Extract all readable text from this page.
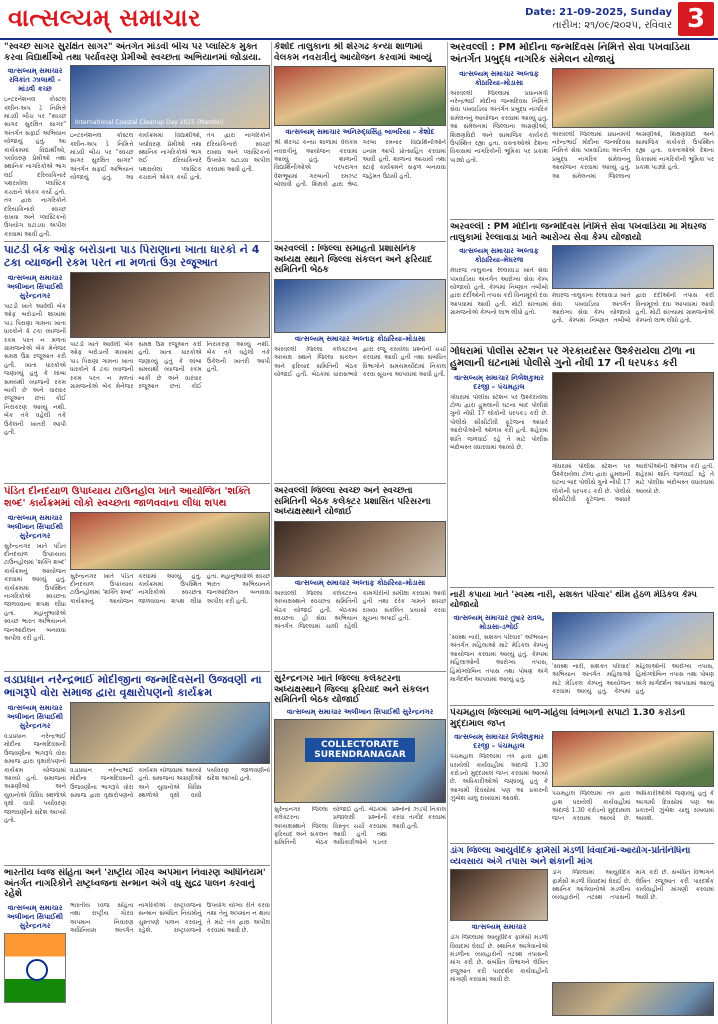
વાત્સલ્યમ્ સમાચાર	Date: 21-09-2025, Sunday
તારીખ: ૨૧/૦૯/૨૦૨૫, રવિવાર 3
"સ્વચ્છ સાગર સુરક્ષિત સાગર" અંતર્ગત માંડવી બીચ પર પ્લાસ્ટિક મુક્ત કરવા વિદ્યાર્થીઓ તથા પર્યાવરણ પ્રેમીઓ સ્વચ્છતા અભિયાનમાં જોડાયા.
વાત્સલ્યમ્ સમાચાર રવિકાંત ઝાલાથી – માંડવી કચ્છ
ઇન્ટરનેશનલ કોસ્ટલ ક્લીન-અપ ડે નિમિત્તે માંડવી બીચ પર "સ્વચ્છ સાગર સુરક્ષિત સાગર" અંતર્ગત સફાઈ અભિયાન યોજાયું હતું. આ કાર્યક્રમમાં વિદ્યાર્થીઓ, પર્યાવરણ પ્રેમીઓ તથા સ્થાનિક નાગરિકોએ ભાગ લઈ દરિયાકિનારે પથરાયેલા પ્લાસ્ટિક કચરાને એકત્ર કર્યો હતો. તંત્ર દ્વારા નાગરિકોને દરિયાકિનારો સ્વચ્છ રાખવા અને પ્લાસ્ટિકનો ઉપયોગ ઘટાડવા અપીલ કરવામાં આવી હતી.
International Coastal Cleanup Day 2025 (Mandvi)
ઇન્ટરનેશનલ કોસ્ટલ ક્લીન-અપ ડે નિમિત્તે માંડવી બીચ પર "સ્વચ્છ સાગર સુરક્ષિત સાગર" અંતર્ગત સફાઈ અભિયાન યોજાયું હતું. આ કાર્યક્રમમાં વિદ્યાર્થીઓ, પર્યાવરણ પ્રેમીઓ તથા સ્થાનિક નાગરિકોએ ભાગ લઈ દરિયાકિનારે પથરાયેલા પ્લાસ્ટિક કચરાને એકત્ર કર્યો હતો. તંત્ર દ્વારા નાગરિકોને દરિયાકિનારો સ્વચ્છ રાખવા અને પ્લાસ્ટિકનો ઉપયોગ ઘટાડવા અપીલ કરવામાં આવી હતી.
પાટડી બેંક ઓફ બરોડાના પાડ પિરાણાના ખાતા ધારકો ને 4 ટકા વ્યાજની રકમ પરત ના મળતાં ઉગ્ર રજૂઆત
વાત્સલ્યમ્ સમાચાર અલીખાન સિપાઈથી સુરેન્દ્રનગર
પાટડી ખાતે આવેલી બેંક ઓફ બરોડાની શાખામાં પાડ પિરાણા ગામના ખાતા ધારકોને 4 ટકા વ્યાજની રકમ પરત ન મળતાં ગ્રામજનોએ બેંક મેનેજર સમક્ષ ઉગ્ર રજૂઆત કરી હતી. ખાતા ધારકોએ જણાવ્યું હતું કે લાંબા સમયથી વ્યાજની રકમ બાકી છે અને વારંવાર રજૂઆત છતાં કોઈ નિરાકરણ આવ્યું નથી. બેંક તંત્રે વહેલી તકે ઉકેલની ખાતરી આપી હતી.
પાટડી ખાતે આવેલી બેંક ઓફ બરોડાની શાખામાં પાડ પિરાણા ગામના ખાતા ધારકોને 4 ટકા વ્યાજની રકમ પરત ન મળતાં ગ્રામજનોએ બેંક મેનેજર સમક્ષ ઉગ્ર રજૂઆત કરી હતી. ખાતા ધારકોએ જણાવ્યું હતું કે લાંબા સમયથી વ્યાજની રકમ બાકી છે અને વારંવાર રજૂઆત છતાં કોઈ નિરાકરણ આવ્યું નથી. બેંક તંત્રે વહેલી તકે ઉકેલની ખાતરી આપી હતી.
પંડિત દીનદયાળ ઉપાધ્યાય ટાઉનહોલ ખાતે આયોજિત 'શક્તિ શબ્દ' કાર્યક્રમમાં લોકો સ્વચ્છતા જાળવવાના લીધા શપથ
વાત્સલ્યમ્ સમાચાર અલીખાન સિપાઈથી સુરેન્દ્રનગર
સુરેન્દ્રનગર ખાતે પંડિત દીનદયાળ ઉપાધ્યાય ટાઉનહોલમાં 'શક્તિ શબ્દ' કાર્યક્રમનું આયોજન કરવામાં આવ્યું હતું. કાર્યક્રમમાં ઉપસ્થિત નાગરિકોએ સ્વચ્છતા જાળવવાના શપથ લીધા હતા. મહાનુભાવોએ સ્વચ્છ ભારત અભિયાનને જનઆંદોલન બનાવવા અપીલ કરી હતી.
સુરેન્દ્રનગર ખાતે પંડિત દીનદયાળ ઉપાધ્યાય ટાઉનહોલમાં 'શક્તિ શબ્દ' કાર્યક્રમનું આયોજન કરવામાં આવ્યું હતું. કાર્યક્રમમાં ઉપસ્થિત નાગરિકોએ સ્વચ્છતા જાળવવાના શપથ લીધા હતા. મહાનુભાવોએ સ્વચ્છ ભારત અભિયાનને જનઆંદોલન બનાવવા અપીલ કરી હતી.
વડાપ્રધાન નરેન્દ્રભાઈ મોદીજીના જન્મદિવસની ઉજવણી ના ભાગરૂપે વોરા સમાજ દ્વારા વૃક્ષારોપણનો કાર્યક્રમ
વાત્સલ્યમ્ સમાચાર અલીખાન સિપાઈથી સુરેન્દ્રનગર
વડાપ્રધાન નરેન્દ્રભાઈ મોદીના જન્મદિવસની ઉજવણીના ભાગરૂપે વોરા સમાજ દ્વારા વૃક્ષારોપણનો કાર્યક્રમ યોજવામાં આવ્યો હતો. સમાજના અગ્રણીઓ અને યુવાનોએ વિવિધ સ્થળોએ વૃક્ષો વાવી પર્યાવરણ જાળવણીનો સંદેશ આપ્યો હતો.
વડાપ્રધાન નરેન્દ્રભાઈ મોદીના જન્મદિવસની ઉજવણીના ભાગરૂપે વોરા સમાજ દ્વારા વૃક્ષારોપણનો કાર્યક્રમ યોજવામાં આવ્યો હતો. સમાજના અગ્રણીઓ અને યુવાનોએ વિવિધ સ્થળોએ વૃક્ષો વાવી પર્યાવરણ જાળવણીનો સંદેશ આપ્યો હતો.
ભારતીય ધ્વજ સંહિતા અને 'રાષ્ટ્રીય ગૌરવ અપમાન નિવારણ અધિનિયમ' અંતર્ગત નાગરિકોને રાષ્ટ્રધ્વજના સન્માન અંગે વધુ સુદ્રઢ પાલન કરવાનું રહેશે
વાત્સલ્યમ્ સમાચાર અલીખાન સિપાઈથી સુરેન્દ્રનગર
ભારતીય ધ્વજ સંહિતા તથા રાષ્ટ્રીય ગૌરવ અપમાન નિવારણ અધિનિયમ અંતર્ગત નાગરિકોએ રાષ્ટ્રધ્વજના સન્માન સંબંધિત નિયમોનું ચુસ્તપણે પાલન કરવાનું રહેશે. રાષ્ટ્રધ્વજનો ઉપયોગ યોગ્ય રીતે કરવા તથા તેનું અપમાન ન થાય તે માટે તંત્ર દ્વારા અપીલ કરવામાં આવી છે.
કેશોદ તાલુકાના શ્રી શેરગઢ કન્યા શાળામાં વેલકમ નવરાત્રીનું આયોજન કરવામાં આવ્યું
વાત્સલ્યમ્ સમાચાર અનિરુદ્ધસિંહ બાબરિયા – કેશોદ
શ્રી શેરગઢ કન્યા શાળામાં વેલકમ નવરાત્રીનું આયોજન કરવામાં આવ્યું હતું. શાળાની વિદ્યાર્થિનીઓએ પરંપરાગત વેશભૂષામાં ગરબાની રમઝટ બોલાવી હતી. શિક્ષકો દ્વારા શ્રેષ્ઠ ગરબા રમનાર વિદ્યાર્થિનીઓને ઇનામ આપી પ્રોત્સાહિત કરવામાં આવી હતી. શાળાના આચાર્ય તથા સ્ટાફે કાર્યક્રમને સફળ બનાવવા જહેમત ઉઠાવી હતી.
અરવલ્લી : જિલ્લા સમાહર્તા પ્રશાસનિક અધ્યક્ષ સ્થાને જિલ્લા સંકલન અને ફરિયાદ સમિતિની બેઠક
વાત્સલ્યમ્ સમાચાર અલ્તાફ કોઠારિયા–મોડાસા
અરવલ્લી જિલ્લા કલેક્ટરના અધ્યક્ષ સ્થાને જિલ્લા સંકલન અને ફરિયાદ સમિતિની બેઠક યોજાઈ હતી. બેઠકમાં ધારાસભ્યો દ્વારા રજૂ કરાયેલા પ્રશ્નોની ચર્ચા કરવામાં આવી હતી તથા સંબંધિત વિભાગોને સમયમર્યાદામાં નિકાલ કરવા સૂચના આપવામાં આવી હતી.
અરવલ્લી જિલ્લા સ્વચ્છ અને સ્વચ્છતા સમિતિની બેઠક કલેક્ટર પ્રશાસિત પરિસરના અધ્યક્ષસ્થાને યોજાઈ
વાત્સલ્યમ્ સમાચાર અલ્તાફ કોઠારિયા–મોડાસા
અરવલ્લી જિલ્લા કલેક્ટરના અધ્યક્ષસ્થાને સ્વચ્છતા સમિતિની બેઠક યોજાઈ હતી. બેઠકમાં સ્વચ્છતા હી સેવા અભિયાન અંતર્ગત જિલ્લામાં ચાલી રહેલી કામગીરીની સમીક્ષા કરવામાં આવી હતી તથા દરેક ગામને સ્વચ્છ રાખવા સંકલિત પ્રયાસો કરવા સૂચના અપાઈ હતી.
સુરેન્દ્રનગર ખાતે જિલ્લા કલેક્ટરના અધ્યક્ષસ્થાને જિલ્લા ફરિયાદ અને સંકલન સમિતિની બેઠક યોજાઈ
વાત્સલ્યમ્ સમાચાર અલીખાન સિપાઈથી સુરેન્દ્રનગર
COLLECTORATE SURENDRANAGAR
સુરેન્દ્રનગર જિલ્લા કલેક્ટરના અધ્યક્ષસ્થાને જિલ્લા ફરિયાદ અને સંકલન સમિતિની બેઠક યોજાઈ હતી. બેઠકમાં પ્રજાલક્ષી પ્રશ્નોની વિસ્તૃત ચર્ચા કરવામાં આવી હતી તથા અધિકારીઓને પડતર પ્રશ્નોનો ઝડપી નિકાલ કરવા તાકીદ કરવામાં આવી હતી.
અરવલ્લી : PM મોદીના જન્મદિવસ નિમિત્તે સેવા પખવાડિયા અંતર્ગત પ્રબુદ્ધ નાગરિક સંમેલન યોજાયું
વાત્સલ્યમ્ સમાચાર અલ્તાફ કોઠારિયા–મોડાસા
અરવલ્લી જિલ્લામાં પ્રધાનમંત્રી નરેન્દ્રભાઈ મોદીના જન્મદિવસ નિમિત્તે સેવા પખવાડિયા અંતર્ગત પ્રબુદ્ધ નાગરિક સંમેલનનું આયોજન કરવામાં આવ્યું હતું. આ સંમેલનમાં જિલ્લાના અગ્રણીઓ, શિક્ષણવિદો અને સામાજિક કાર્યકરો ઉપસ્થિત રહ્યા હતા. વક્તાઓએ દેશના વિકાસમાં નાગરિકોની ભૂમિકા પર પ્રકાશ પાડ્યો હતો.
અરવલ્લી જિલ્લામાં પ્રધાનમંત્રી નરેન્દ્રભાઈ મોદીના જન્મદિવસ નિમિત્તે સેવા પખવાડિયા અંતર્ગત પ્રબુદ્ધ નાગરિક સંમેલનનું આયોજન કરવામાં આવ્યું હતું. આ સંમેલનમાં જિલ્લાના અગ્રણીઓ, શિક્ષણવિદો અને સામાજિક કાર્યકરો ઉપસ્થિત રહ્યા હતા. વક્તાઓએ દેશના વિકાસમાં નાગરિકોની ભૂમિકા પર પ્રકાશ પાડ્યો હતો.
અરવલ્લી : PM મોદીના જન્મદિવસ નિમિત્તે સેવા પખવાડિયા મા મેઘરજ તાલુકામાં રેલ્લાવાડા ખાતે આરોગ્ય સેવા કેમ્પ યોજાયો
વાત્સલ્યમ્ સમાચાર અલ્તાફ કોઠારિયા–મેઘરજ
મેઘરજ તાલુકાના રેલ્લાવાડા ખાતે સેવા પખવાડિયા અંતર્ગત આરોગ્ય સેવા કેમ્પ યોજાયો હતો. કેમ્પમાં નિષ્ણાત તબીબો દ્વારા દર્દીઓની તપાસ કરી વિનામૂલ્યે દવા આપવામાં આવી હતી. મોટી સંખ્યામાં ગ્રામજનોએ કેમ્પનો લાભ લીધો હતો.
મેઘરજ તાલુકાના રેલ્લાવાડા ખાતે સેવા પખવાડિયા અંતર્ગત આરોગ્ય સેવા કેમ્પ યોજાયો હતો. કેમ્પમાં નિષ્ણાત તબીબો દ્વારા દર્દીઓની તપાસ કરી વિનામૂલ્યે દવા આપવામાં આવી હતી. મોટી સંખ્યામાં ગ્રામજનોએ કેમ્પનો લાભ લીધો હતો.
ગોધરામાં પોલીસ સ્ટેશન પર ગેરકાયદેસર ઉશ્કેરાયેલા ટોળા ના હુમલાની ઘટનામાં પોલીસે ગુનો નોંધી 17 ની ધરપકડ કરી
વાત્સલ્યમ્ સમાચાર નિલેશકુમાર દરજી – પંચમહાલ
ગોધરામાં પોલીસ સ્ટેશન પર ઉશ્કેરાયેલા ટોળા દ્વારા હુમલાની ઘટના બાદ પોલીસે ગુનો નોંધી 17 લોકોની ધરપકડ કરી છે. પોલીસે સીસીટીવી ફૂટેજના આધારે આરોપીઓની ઓળખ કરી હતી. શહેરમાં શાંતિ જળવાઈ રહે તે માટે પોલીસ બંદોબસ્ત વધારવામાં આવ્યો છે.
ગોધરામાં પોલીસ સ્ટેશન પર ઉશ્કેરાયેલા ટોળા દ્વારા હુમલાની ઘટના બાદ પોલીસે ગુનો નોંધી 17 લોકોની ધરપકડ કરી છે. પોલીસે સીસીટીવી ફૂટેજના આધારે આરોપીઓની ઓળખ કરી હતી. શહેરમાં શાંતિ જળવાઈ રહે તે માટે પોલીસ બંદોબસ્ત વધારવામાં આવ્યો છે.
નારી કપાયા ખાતે 'સ્વસ્થ નારી, સશક્ત પરિવાર' થીમ હેઠળ મેડિકલ કેમ્પ યોજાયો
વાત્સલ્યમ્ સમાચાર તુષાર રાવલ, મોડાસા-ડભોઈ
'સ્વસ્થ નારી, સશક્ત પરિવાર' અભિયાન અંતર્ગત મહિલાઓ માટે મેડિકલ કેમ્પનું આયોજન કરવામાં આવ્યું હતું. કેમ્પમાં મહિલાઓની આરોગ્ય તપાસ, હિમોગ્લોબિન તપાસ તથા પોષણ અંગે માર્ગદર્શન આપવામાં આવ્યું હતું.
'સ્વસ્થ નારી, સશક્ત પરિવાર' અભિયાન અંતર્ગત મહિલાઓ માટે મેડિકલ કેમ્પનું આયોજન કરવામાં આવ્યું હતું. કેમ્પમાં મહિલાઓની આરોગ્ય તપાસ, હિમોગ્લોબિન તપાસ તથા પોષણ અંગે માર્ગદર્શન આપવામાં આવ્યું હતું.
પંચમહાલ જિલ્લામાં બાળ-મહિલા વિભાગનો સપાટો 1.30 કરોડનો મુદ્દામાલ જપ્ત
વાત્સલ્યમ્ સમાચાર નિલેશકુમાર દરજી – પંચમહાલ
પંચમહાલ જિલ્લામાં તંત્ર દ્વારા હાથ ધરાયેલી કાર્યવાહીમાં અંદાજે 1.30 કરોડનો મુદ્દામાલ જપ્ત કરવામાં આવ્યો છે. અધિકારીઓએ જણાવ્યું હતું કે આગામી દિવસોમાં પણ આ પ્રકારની ઝુંબેશ ચાલુ રાખવામાં આવશે.
પંચમહાલ જિલ્લામાં તંત્ર દ્વારા હાથ ધરાયેલી કાર્યવાહીમાં અંદાજે 1.30 કરોડનો મુદ્દામાલ જપ્ત કરવામાં આવ્યો છે. અધિકારીઓએ જણાવ્યું હતું કે આગામી દિવસોમાં પણ આ પ્રકારની ઝુંબેશ ચાલુ રાખવામાં આવશે.
ડાંગ જિલ્લા આયુર્વેદિક ફાર્મસી મંડળી વિવાદમાં-આયોગ-પ્રતિનિધિના વ્યવસાય અંગે તપાસ અને શંકાની માંગ
વાત્સલ્યમ્ સમાચાર
ડાંગ જિલ્લામાં આયુર્વેદિક ફાર્મસી મંડળી વિવાદમાં ઘેરાઈ છે. સ્થાનિક આગેવાનોએ મંડળીના વ્યવહારોની તટસ્થ તપાસની માંગ કરી છે. સંબંધિત વિભાગને લેખિત રજૂઆત કરી પારદર્શક કાર્યવાહીની માંગણી કરવામાં આવી છે.
ડાંગ જિલ્લામાં આયુર્વેદિક ફાર્મસી મંડળી વિવાદમાં ઘેરાઈ છે. સ્થાનિક આગેવાનોએ મંડળીના વ્યવહારોની તટસ્થ તપાસની માંગ કરી છે. સંબંધિત વિભાગને લેખિત રજૂઆત કરી પારદર્શક કાર્યવાહીની માંગણી કરવામાં આવી છે.
